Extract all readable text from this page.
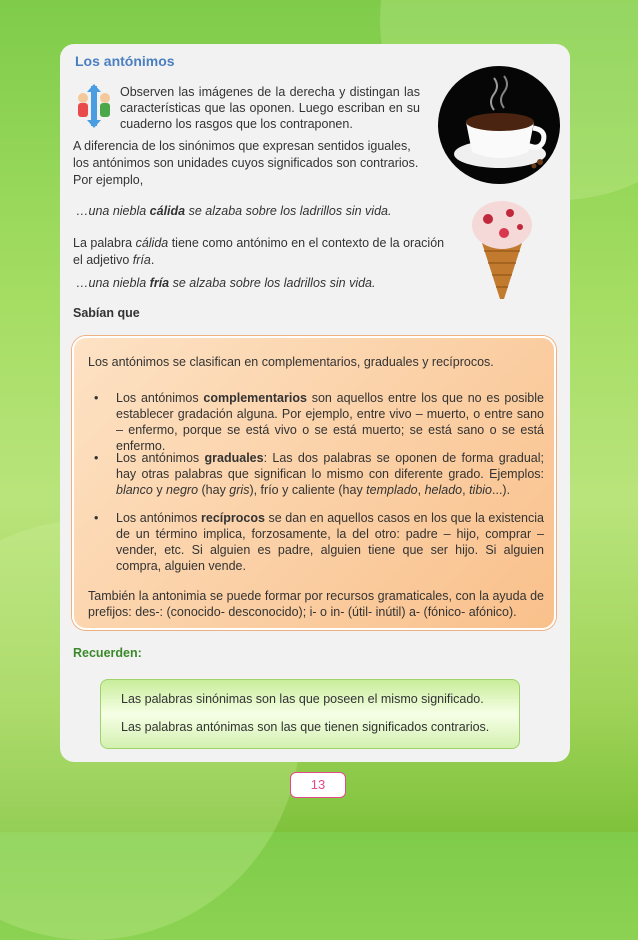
Los antónimos
Observen las imágenes de la derecha y distingan las características que las oponen. Luego escriban en su cuaderno los rasgos que los contraponen.
A diferencia de los sinónimos que expresan sentidos iguales, los antónimos son unidades cuyos significados son contrarios. Por ejemplo,
…una niebla cálida se alzaba sobre los ladrillos sin vida.
La palabra cálida tiene como antónimo en el contexto de la oración el adjetivo fría.
…una niebla fría se alzaba sobre los ladrillos sin vida.
Sabían que
Los antónimos se clasifican en complementarios, graduales y recíprocos.
• Los antónimos complementarios son aquellos entre los que no es posible establecer gradación alguna. Por ejemplo, entre vivo – muerto, o entre sano – enfermo, porque se está vivo o se está muerto; se está sano o se está enfermo.
• Los antónimos graduales: Las dos palabras se oponen de forma gradual; hay otras palabras que significan lo mismo con diferente grado. Ejemplos: blanco y negro (hay gris), frío y caliente (hay templado, helado, tibio...).
• Los antónimos recíprocos se dan en aquellos casos en los que la existencia de un término implica, forzosamente, la del otro: padre – hijo, comprar – vender, etc. Si alguien es padre, alguien tiene que ser hijo. Si alguien compra, alguien vende.
También la antonimia se puede formar por recursos gramaticales, con la ayuda de prefijos: des-: (conocido- desconocido); i- o in- (útil- inútil) a- (fónico- afónico).
Recuerden:
Las palabras sinónimas son las que poseen el mismo significado.
Las palabras antónimas son las que tienen significados contrarios.
13
